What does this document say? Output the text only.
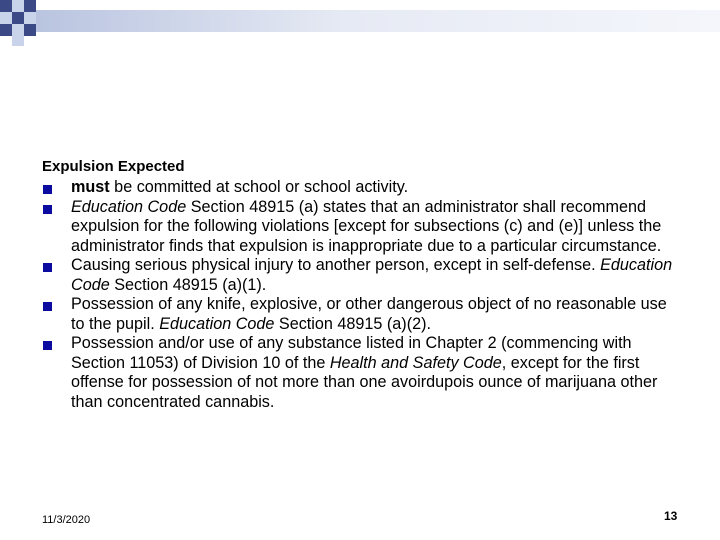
Expulsion Expected
must be committed at school or school activity.
Education Code Section 48915 (a) states that an administrator shall recommend expulsion for the following violations [except for subsections (c) and (e)] unless the administrator finds that expulsion is inappropriate due to a particular circumstance.
Causing serious physical injury to another person, except in self-defense. Education Code Section 48915 (a)(1).
Possession of any knife, explosive, or other dangerous object of no reasonable use to the pupil. Education Code Section 48915 (a)(2).
Possession and/or use of any substance listed in Chapter 2 (commencing with Section 11053) of Division 10 of the Health and Safety Code, except for the first offense for possession of not more than one avoirdupois ounce of marijuana other than concentrated cannabis.
11/3/2020	13
